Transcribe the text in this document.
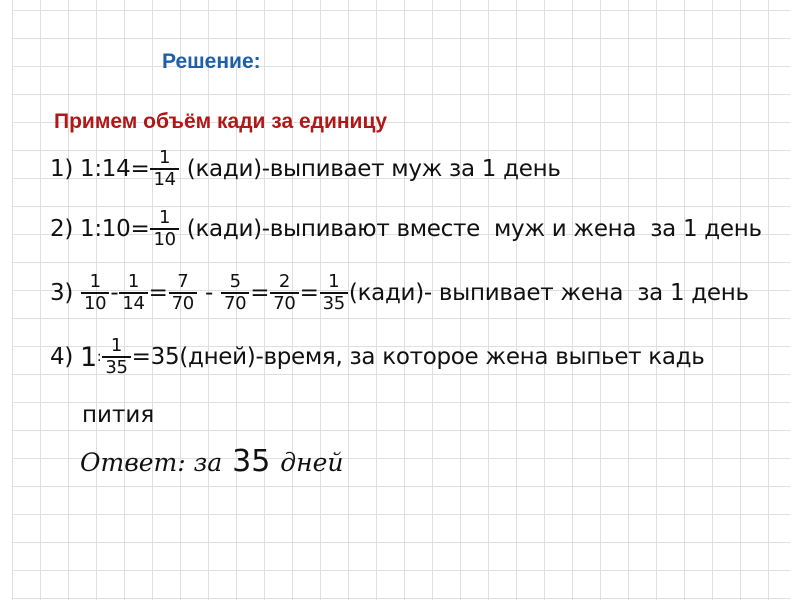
Решение:
Примем объём кади за единицу
1) 1:14= $\frac{1}{14}$ (кади)-выпивает муж за 1 день
2) 1:10= $\frac{1}{10}$ (кади)-выпивают вместе  муж и жена  за 1 день
$3) \frac{1}{10} - \frac{1}{14} = \frac{7}{70} - \frac{5}{70} = \frac{2}{70} = \frac{1}{35}$ (кади)- выпивает жена  за 1 день
4) 1 : $\frac{1}{35}$ =35(дней)-время, за которое жена выпьет кадь
пития
Ответ: за 35 дней
